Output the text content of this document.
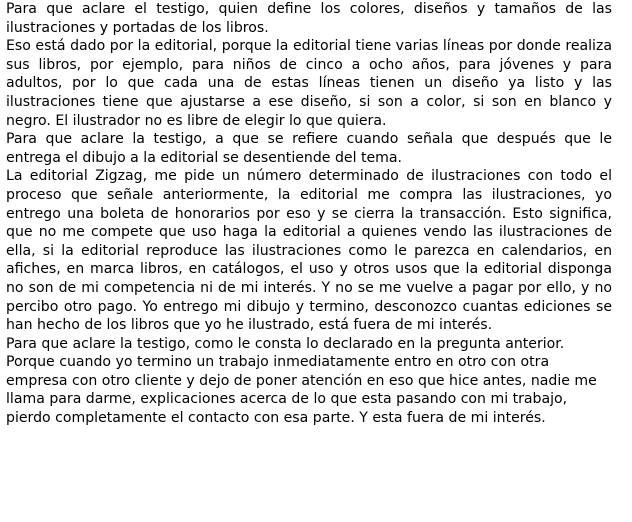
Para que aclare el testigo, quien define los colores, diseños y tamaños de las ilustraciones y portadas de los libros.

Eso está dado por la editorial, porque la editorial tiene varias líneas por donde realiza sus libros, por ejemplo, para niños de cinco a ocho años, para jóvenes y para adultos, por lo que cada una de estas líneas tienen un diseño ya listo y las ilustraciones tiene que ajustarse a ese diseño, si son a color, si son en blanco y negro. El ilustrador no es libre de elegir lo que quiera.

Para que aclare la testigo, a que se refiere cuando señala que después que le entrega el dibujo a la editorial se desentiende del tema.

La editorial Zigzag, me pide un número determinado de ilustraciones con todo el proceso que señale anteriormente, la editorial me compra las ilustraciones, yo entrego una boleta de honorarios por eso y se cierra la transacción. Esto significa, que no me compete que uso haga la editorial a quienes vendo las ilustraciones de ella, si la editorial reproduce las ilustraciones como le parezca en calendarios, en afiches, en marca libros, en catálogos, el uso y otros usos que la editorial disponga no son de mi competencia ni de mi interés. Y no se me vuelve a pagar por ello, y no percibo otro pago. Yo entrego mi dibujo y termino, desconozco cuantas ediciones se han hecho de los libros que yo he ilustrado, está fuera de mi interés.

Para que aclare la testigo, como le consta lo declarado en la pregunta anterior.

Porque cuando yo termino un trabajo inmediatamente entro en otro con otra empresa con otro cliente y dejo de poner atención en eso que hice antes, nadie me llama para darme, explicaciones acerca de lo que esta pasando con mi trabajo, pierdo completamente el contacto con esa parte. Y esta fuera de mi interés.
